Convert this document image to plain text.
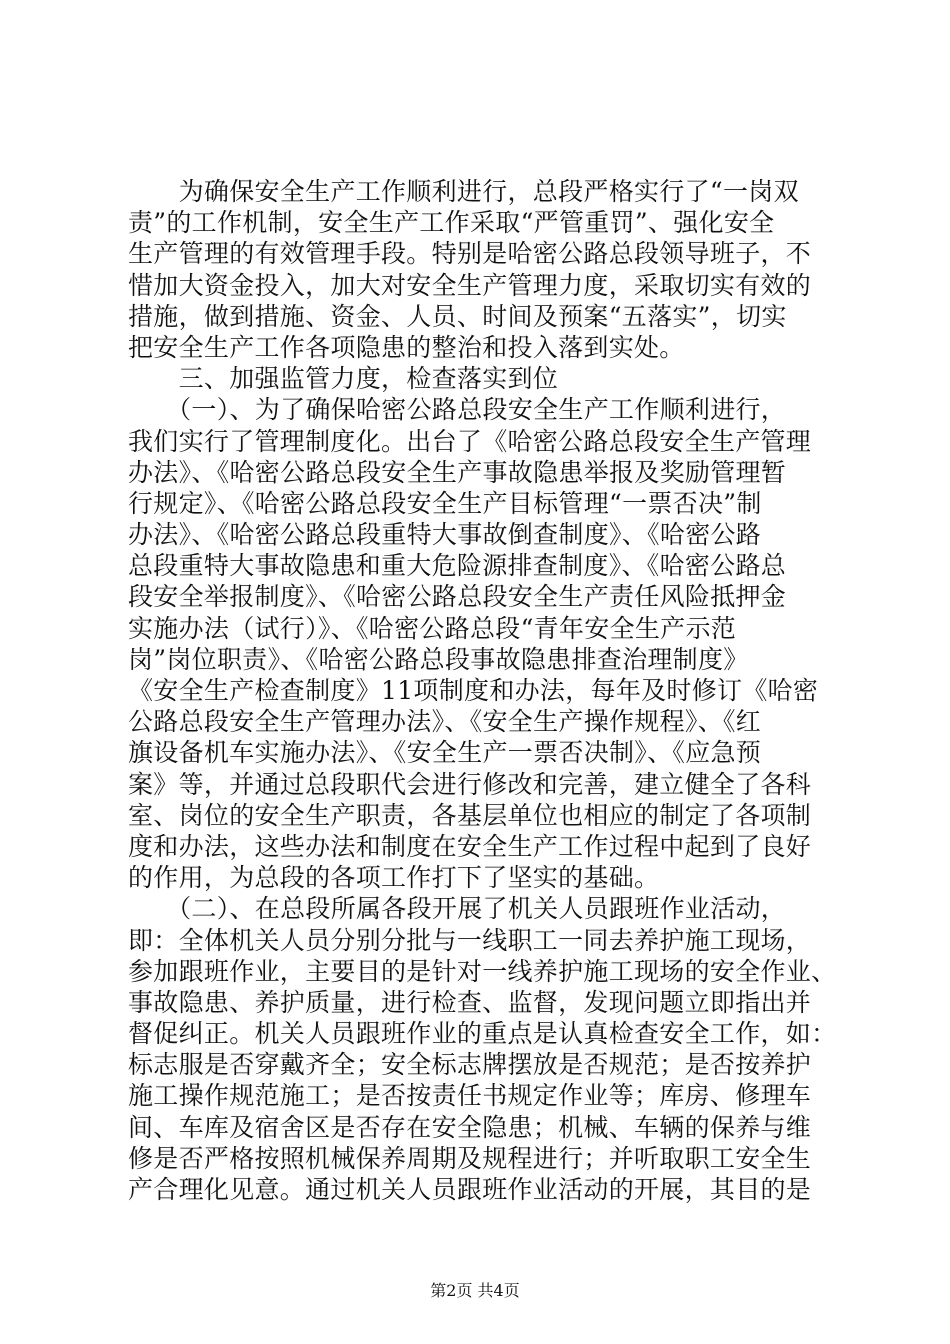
　　为确保安全生产工作顺利进行，总段严格实行了“一岗双
责”的工作机制，安全生产工作采取“严管重罚”、强化安全
生产管理的有效管理手段。特别是哈密公路总段领导班子，不
惜加大资金投入，加大对安全生产管理力度，采取切实有效的
措施，做到措施、资金、人员、时间及预案“五落实”，切实
把安全生产工作各项隐患的整治和投入落到实处。
　　三、加强监管力度，检查落实到位
　　（一）、为了确保哈密公路总段安全生产工作顺利进行，
我们实行了管理制度化。出台了《哈密公路总段安全生产管理
办法》、《哈密公路总段安全生产事故隐患举报及奖励管理暂
行规定》、《哈密公路总段安全生产目标管理“一票否决”制
办法》、《哈密公路总段重特大事故倒查制度》、《哈密公路
总段重特大事故隐患和重大危险源排查制度》、《哈密公路总
段安全举报制度》、《哈密公路总段安全生产责任风险抵押金
实施办法（试行）》、《哈密公路总段“青年安全生产示范
岗”岗位职责》、《哈密公路总段事故隐患排查治理制度》
《安全生产检查制度》11项制度和办法，每年及时修订《哈密
公路总段安全生产管理办法》、《安全生产操作规程》、《红
旗设备机车实施办法》、《安全生产一票否决制》、《应急预
案》等，并通过总段职代会进行修改和完善，建立健全了各科
室、岗位的安全生产职责，各基层单位也相应的制定了各项制
度和办法，这些办法和制度在安全生产工作过程中起到了良好
的作用，为总段的各项工作打下了坚实的基础。
　　（二）、在总段所属各段开展了机关人员跟班作业活动，
即：全体机关人员分别分批与一线职工一同去养护施工现场，
参加跟班作业，主要目的是针对一线养护施工现场的安全作业、
事故隐患、养护质量，进行检查、监督，发现问题立即指出并
督促纠正。机关人员跟班作业的重点是认真检查安全工作，如：
标志服是否穿戴齐全；安全标志牌摆放是否规范；是否按养护
施工操作规范施工；是否按责任书规定作业等；库房、修理车
间、车库及宿舍区是否存在安全隐患；机械、车辆的保养与维
修是否严格按照机械保养周期及规程进行；并听取职工安全生
产合理化见意。通过机关人员跟班作业活动的开展，其目的是
第2页 共4页
